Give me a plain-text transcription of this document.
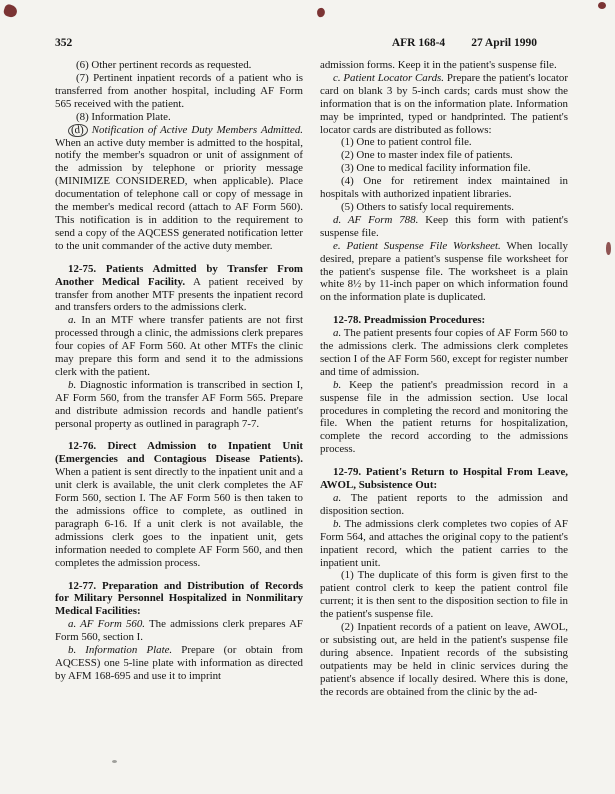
352	AFR 168-4 27 April 1990

(6) Other pertinent records as requested.

(7) Pertinent inpatient records of a patient who is transferred from another hospital, including AF Form 565 received with the patient.

(8) Information Plate.

(d) Notification of Active Duty Members Admitted. When an active duty member is admitted to the hospital, notify the member's squadron or unit of assignment of the admission by telephone or priority message (MINIMIZE CONSIDERED, when applicable). Place documentation of telephone call or copy of message in the member's medical record (attach to AF Form 560). This notification is in addition to the requirement to send a copy of the AQCESS generated notification letter to the unit commander of the active duty member.

12-75. Patients Admitted by Transfer From Another Medical Facility. A patient received by transfer from another MTF presents the inpatient record and transfers orders to the admissions clerk.

a. In an MTF where transfer patients are not first processed through a clinic, the admissions clerk prepares four copies of AF Form 560. At other MTFs the clinic may prepare this form and send it to the admissions clerk with the patient.

b. Diagnostic information is transcribed in section I, AF Form 560, from the transfer AF Form 565. Prepare and distribute admission records and handle patient's personal property as outlined in paragraph 7-7.

12-76. Direct Admission to Inpatient Unit (Emergencies and Contagious Disease Patients). When a patient is sent directly to the inpatient unit and a unit clerk is available, the unit clerk completes the AF Form 560, section I. The AF Form 560 is then taken to the admissions office to complete, as outlined in paragraph 6-16. If a unit clerk is not available, the admissions clerk goes to the inpatient unit, gets information needed to complete AF Form 560, and then completes the admission process.

12-77. Preparation and Distribution of Records for Military Personnel Hospitalized in Nonmilitary Medical Facilities:

a. AF Form 560. The admissions clerk prepares AF Form 560, section I.

b. Information Plate. Prepare (or obtain from AQCESS) one 5-line plate with information as directed by AFM 168-695 and use it to imprint

admission forms. Keep it in the patient's suspense file.

c. Patient Locator Cards. Prepare the patient's locator card on blank 3 by 5-inch cards; cards must show the information that is on the information plate. Information may be imprinted, typed or handprinted. The patient's locator cards are distributed as follows:

(1) One to patient control file.

(2) One to master index file of patients.

(3) One to medical facility information file.

(4) One for retirement index maintained in hospitals with authorized inpatient libraries.

(5) Others to satisfy local requirements.

d. AF Form 788. Keep this form with patient's suspense file.

e. Patient Suspense File Worksheet. When locally desired, prepare a patient's suspense file worksheet for the patient's suspense file. The worksheet is a plain white 8½ by 11-inch paper on which information found on the information plate is duplicated.

12-78. Preadmission Procedures:

a. The patient presents four copies of AF Form 560 to the admissions clerk. The admissions clerk completes section I of the AF Form 560, except for register number and time of admission.

b. Keep the patient's preadmission record in a suspense file in the admission section. Use local procedures in completing the record and monitoring the file. When the patient returns for hospitalization, complete the record according to the admissions process.

12-79. Patient's Return to Hospital From Leave, AWOL, Subsistence Out:

a. The patient reports to the admission and disposition section.

b. The admissions clerk completes two copies of AF Form 564, and attaches the original copy to the patient's inpatient record, which the patient carries to the inpatient unit.

(1) The duplicate of this form is given first to the patient control clerk to keep the patient control file current; it is then sent to the disposition section to file in the patient's suspense file.

(2) Inpatient records of a patient on leave, AWOL, or subsisting out, are held in the patient's suspense file during absence. Inpatient records of the subsisting outpatients may be held in clinic services during the patient's absence if locally desired. Where this is done, the records are obtained from the clinic by the ad-
